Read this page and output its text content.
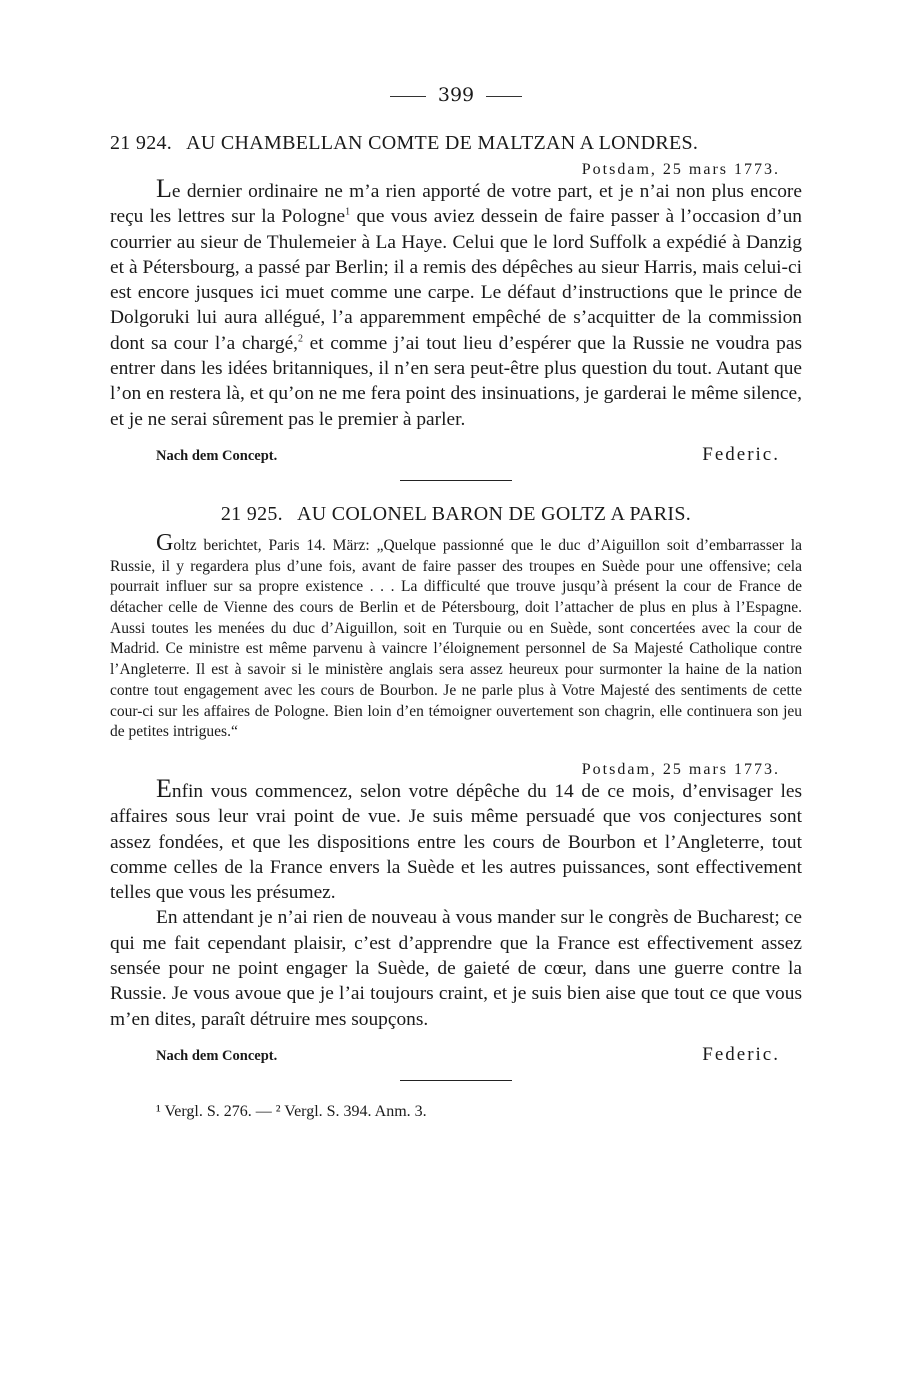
399
21 924. AU CHAMBELLAN COMTE DE MALTZAN A LONDRES.
Potsdam, 25 mars 1773.

Le dernier ordinaire ne m’a rien apporté de votre part, et je n’ai non plus encore reçu les lettres sur la Pologne$^1$ que vous aviez dessein de faire passer à l’occasion d’un courrier au sieur de Thulemeier à La Haye. Celui que le lord Suffolk a expédié à Danzig et à Pétersbourg, a passé par Berlin; il a remis des dépêches au sieur Harris, mais celui-ci est encore jusques ici muet comme une carpe. Le défaut d’instructions que le prince de Dolgoruki lui aura allégué, l’a apparemment empêché de s’acquitter de la commission dont sa cour l’a chargé,$^2$ et comme j’ai tout lieu d’espérer que la Russie ne voudra pas entrer dans les idées britanniques, il n’en sera peut-être plus question du tout. Autant que l’on en restera là, et qu’on ne me fera point des insinuations, je garderai le même silence, et je ne serai sûrement pas le premier à parler.

Nach dem Concept.	Federic.
21 925. AU COLONEL BARON DE GOLTZ A PARIS.

Goltz berichtet, Paris 14. März: „Quelque passionné que le duc d’Aiguillon soit d’embarrasser la Russie, il y regardera plus d’une fois, avant de faire passer des troupes en Suède pour une offensive; cela pourrait influer sur sa propre existence . . . La difficulté que trouve jusqu’à présent la cour de France de détacher celle de Vienne des cours de Berlin et de Pétersbourg, doit l’attacher de plus en plus à l’Espagne. Aussi toutes les menées du duc d’Aiguillon, soit en Turquie ou en Suède, sont concertées avec la cour de Madrid. Ce ministre est même parvenu à vaincre l’éloignement personnel de Sa Majesté Catholique contre l’Angleterre. Il est à savoir si le ministère anglais sera assez heureux pour surmonter la haine de la nation contre tout engagement avec les cours de Bourbon. Je ne parle plus à Votre Majesté des sentiments de cette cour-ci sur les affaires de Pologne. Bien loin d’en témoigner ouvertement son chagrin, elle continuera son jeu de petites intrigues.“

Potsdam, 25 mars 1773.

Enfin vous commencez, selon votre dépêche du 14 de ce mois, d’envisager les affaires sous leur vrai point de vue. Je suis même persuadé que vos conjectures sont assez fondées, et que les dispositions entre les cours de Bourbon et l’Angleterre, tout comme celles de la France envers la Suède et les autres puissances, sont effectivement telles que vous les présumez.

En attendant je n’ai rien de nouveau à vous mander sur le congrès de Bucharest; ce qui me fait cependant plaisir, c’est d’apprendre que la France est effectivement assez sensée pour ne point engager la Suède, de gaieté de cœur, dans une guerre contre la Russie. Je vous avoue que je l’ai toujours craint, et je suis bien aise que tout ce que vous m’en dites, paraît détruire mes soupçons.

Nach dem Concept.	Federic.
¹ Vergl. S. 276. — ² Vergl. S. 394. Anm. 3.
